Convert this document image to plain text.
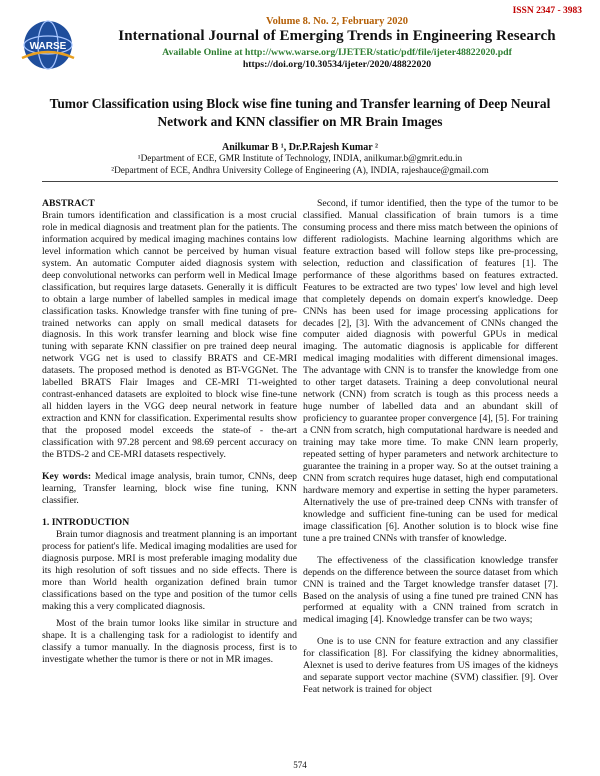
ISSN 2347 - 3983
WARSE
Volume 8. No. 2, February 2020
International Journal of Emerging Trends in Engineering Research
Available Online at http://www.warse.org/IJETER/static/pdf/file/ijeter48822020.pdf
https://doi.org/10.30534/ijeter/2020/48822020
Tumor Classification using Block wise fine tuning and Transfer learning of Deep Neural Network and KNN classifier on MR Brain Images
Anilkumar B ¹, Dr.P.Rajesh Kumar ²
¹Department of ECE, GMR Institute of Technology, INDIA, anilkumar.b@gmrit.edu.in
²Department of ECE, Andhra University College of Engineering (A), INDIA, rajeshauce@gmail.com

ABSTRACT

Brain tumors identification and classification is a most crucial role in medical diagnosis and treatment plan for the patients. The information acquired by medical imaging machines contains low level information which cannot be perceived by human visual system. An automatic Computer aided diagnosis system with deep convolutional networks can perform well in Medical Image classification, but requires large datasets. Generally it is difficult to obtain a large number of labelled samples in medical image classification tasks. Knowledge transfer with fine tuning of pre-trained networks can apply on small medical datasets for diagnosis. In this work transfer learning and block wise fine tuning with separate KNN classifier on pre trained deep neural network VGG net is used to classify BRATS and CE-MRI datasets. The proposed method is denoted as BT-VGGNet. The labelled BRATS Flair Images and CE-MRI T1-weighted contrast-enhanced datasets are exploited to block wise fine-tune all hidden layers in the VGG deep neural network in feature extraction and KNN for classification. Experimental results show that the proposed model exceeds the state-of - the-art classification with 97.28 percent and 98.69 percent accuracy on the BTDS-2 and CE-MRI datasets respectively.

Key words: Medical image analysis, brain tumor, CNNs, deep learning, Transfer learning, block wise fine tuning, KNN classifier.

1. INTRODUCTION

Brain tumor diagnosis and treatment planning is an important process for patient's life. Medical imaging modalities are used for diagnosis purpose. MRI is most preferable imaging modality due its high resolution of soft tissues and no side effects. There is more than World health organization defined brain tumor classifications based on the type and position of the tumor cells making this a very complicated diagnosis.

Most of the brain tumor looks like similar in structure and shape. It is a challenging task for a radiologist to identify and classify a tumor manually. In the diagnosis process, first is to investigate whether the tumor is there or not in MR images.

Second, if tumor identified, then the type of the tumor to be classified. Manual classification of brain tumors is a time consuming process and there miss match between the opinions of different radiologists. Machine learning algorithms which are feature extraction based will follow steps like pre-processing, selection, reduction and classification of features [1]. The performance of these algorithms based on features extracted. Features to be extracted are two types' low level and high level that completely depends on domain expert's knowledge. Deep CNNs has been used for image processing applications for decades [2], [3]. With the advancement of CNNs changed the computer aided diagnosis with powerful GPUs in medical imaging. The automatic diagnosis is applicable for different medical imaging modalities with different dimensional images. The advantage with CNN is to transfer the knowledge from one to other target datasets. Training a deep convolutional neural network (CNN) from scratch is tough as this process needs a huge number of labelled data and an abundant skill of proficiency to guarantee proper convergence [4], [5]. For training a CNN from scratch, high computational hardware is needed and training may take more time. To make CNN learn properly, repeated setting of hyper parameters and network architecture to guarantee the training in a proper way. So at the outset training a CNN from scratch requires huge dataset, high end computational hardware memory and expertise in setting the hyper parameters. Alternatively the use of pre-trained deep CNNs with transfer of knowledge and sufficient fine-tuning can be used for medical image classification [6]. Another solution is to block wise fine tune a pre trained CNNs with transfer of knowledge.

The effectiveness of the classification knowledge transfer depends on the difference between the source dataset from which CNN is trained and the Target knowledge transfer dataset [7]. Based on the analysis of using a fine tuned pre trained CNN has performed at equality with a CNN trained from scratch in medical imaging [4]. Knowledge transfer can be two ways;

One is to use CNN for feature extraction and any classifier for classification [8]. For classifying the kidney abnormalities, Alexnet is used to derive features from US images of the kidneys and separate support vector machine (SVM) classifier. [9]. Over Feat network is trained for object

574
